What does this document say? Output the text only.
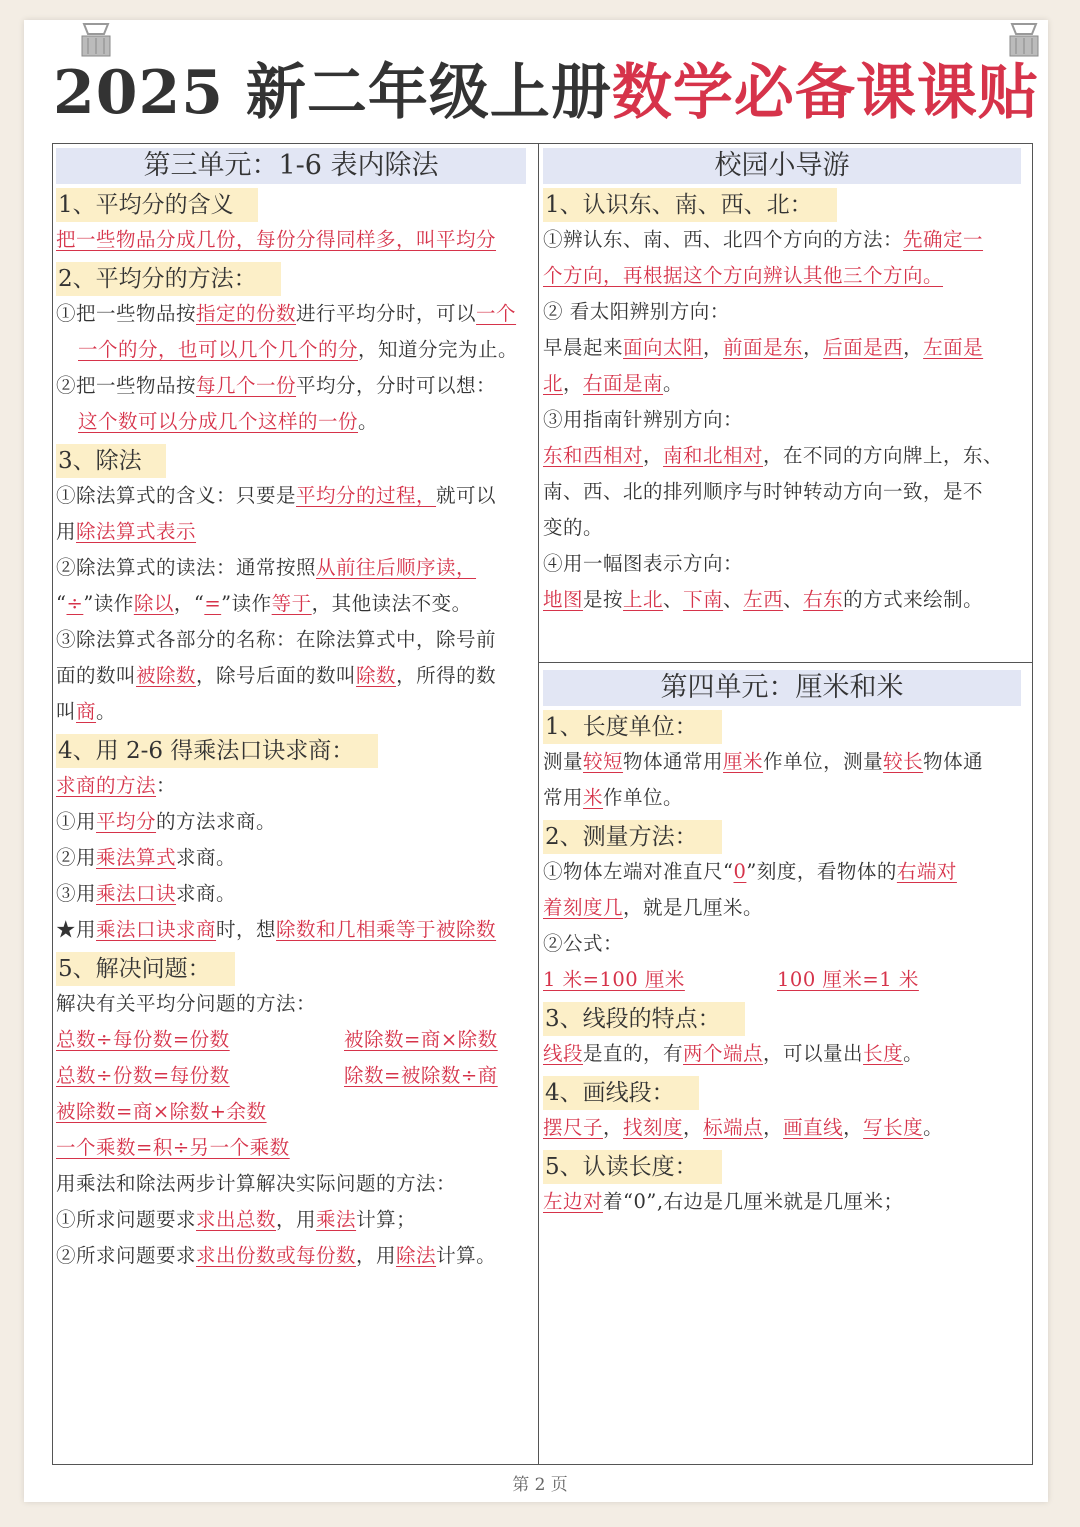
2025 新二年级上册数学必备课课贴
第三单元：1-6 表内除法
1、平均分的含义
把一些物品分成几份，每份分得同样多，叫平均分
2、平均分的方法：
①把一些物品按指定的份数进行平均分时，可以一个
一个的分，也可以几个几个的分，知道分完为止。
②把一些物品按每几个一份平均分，分时可以想：
这个数可以分成几个这样的一份。
3、除法
①除法算式的含义：只要是平均分的过程，就可以
用除法算式表示
②除法算式的读法：通常按照从前往后顺序读，
“÷”读作除以，“=”读作等于，其他读法不变。
③除法算式各部分的名称：在除法算式中，除号前
面的数叫被除数，除号后面的数叫除数，所得的数
叫商。
4、用 2-6 得乘法口诀求商：
求商的方法：
①用平均分的方法求商。
②用乘法算式求商。
③用乘法口诀求商。
★用乘法口诀求商时，想除数和几相乘等于被除数
5、解决问题：
解决有关平均分问题的方法：
总数÷每份数=份数	被除数=商×除数
总数÷份数=每份数	除数=被除数÷商
被除数=商×除数+余数
一个乘数=积÷另一个乘数
用乘法和除法两步计算解决实际问题的方法：
①所求问题要求求出总数，用乘法计算；
②所求问题要求求出份数或每份数，用除法计算。
校园小导游
1、认识东、南、西、北：
①辨认东、南、西、北四个方向的方法：先确定一
个方向，再根据这个方向辨认其他三个方向。
② 看太阳辨别方向：
早晨起来面向太阳，前面是东，后面是西，左面是
北，右面是南。
③用指南针辨别方向：
东和西相对，南和北相对，在不同的方向牌上，东、
南、西、北的排列顺序与时钟转动方向一致，是不
变的。
④用一幅图表示方向：
地图是按上北、下南、左西、右东的方式来绘制。
第四单元：厘米和米
1、长度单位：
测量较短物体通常用厘米作单位，测量较长物体通
常用米作单位。
2、测量方法：
①物体左端对准直尺“0”刻度，看物体的右端对
着刻度几，就是几厘米。
②公式：
1 米=100 厘米	100 厘米=1 米
3、线段的特点：
线段是直的，有两个端点，可以量出长度。
4、画线段：
摆尺子，找刻度，标端点，画直线，写长度。
5、认读长度：
左边对着“0”,右边是几厘米就是几厘米；
第 2 页
